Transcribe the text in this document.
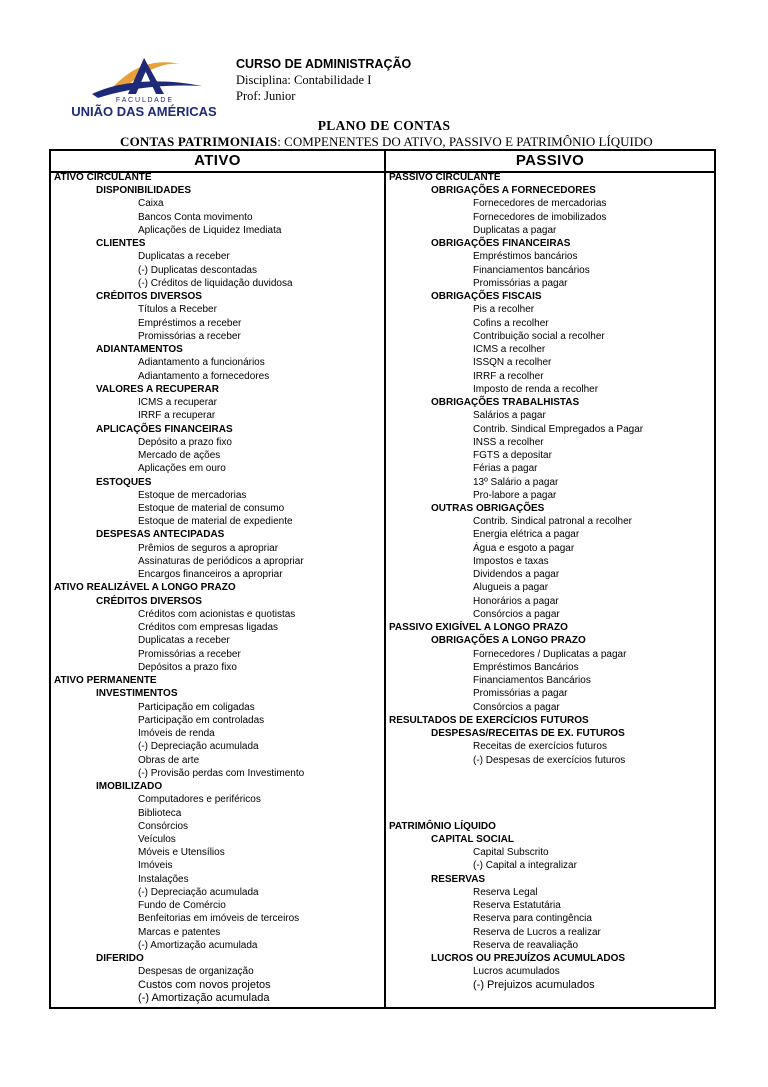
F A C U L D A D E
UNIÃO DAS AMÉRICAS
CURSO DE ADMINISTRAÇÃO
Disciplina: Contabilidade I
Prof: Junior
PLANO DE CONTAS
CONTAS PATRIMONIAIS: COMPENENTES DO ATIVO, PASSIVO E PATRIMÔNIO LÍQUIDO
ATIVO	PASSIVO
ATIVO CIRCULANTE
DISPONIBILIDADES
Caixa
Bancos Conta movimento
Aplicações de Liquidez Imediata
CLIENTES
Duplicatas a receber
(-) Duplicatas descontadas
(-) Créditos de liquidação duvidosa
CRÉDITOS DIVERSOS
Títulos a Receber
Empréstimos a receber
Promissórias a receber
ADIANTAMENTOS
Adiantamento a funcionários
Adiantamento a fornecedores
VALORES A RECUPERAR
ICMS a recuperar
IRRF a recuperar
APLICAÇÕES FINANCEIRAS
Depósito a prazo fixo
Mercado de ações
Aplicações em ouro
ESTOQUES
Estoque de mercadorias
Estoque de material de consumo
Estoque de material de expediente
DESPESAS ANTECIPADAS
Prêmios de seguros a apropriar
Assinaturas de periódicos a apropriar
Encargos financeiros a apropriar
ATIVO REALIZÁVEL A LONGO PRAZO
CRÉDITOS DIVERSOS
Créditos com acionistas e quotistas
Créditos com empresas ligadas
Duplicatas a receber
Promissórias a receber
Depósitos a prazo fixo
ATIVO PERMANENTE
INVESTIMENTOS
Participação em coligadas
Participação em controladas
Imóveis de renda
(-) Depreciação acumulada
Obras de arte
(-) Provisão perdas com Investimento
IMOBILIZADO
Computadores e periféricos
Biblioteca
Consórcios
Veículos
Móveis e Utensílios
Imóveis
Instalações
(-) Depreciação acumulada
Fundo de Comércio
Benfeitorias em imóveis de terceiros
Marcas e patentes
(-) Amortização acumulada
DIFERIDO
Despesas de organização
Custos com novos projetos
(-) Amortização acumulada
PASSIVO CIRCULANTE
OBRIGAÇÕES A FORNECEDORES
Fornecedores de mercadorias
Fornecedores de imobilizados
Duplicatas a pagar
OBRIGAÇÕES FINANCEIRAS
Empréstimos bancários
Financiamentos bancários
Promissórias a pagar
OBRIGAÇÕES FISCAIS
Pis a recolher
Cofins a recolher
Contribuição social a recolher
ICMS a recolher
ISSQN a recolher
IRRF a recolher
Imposto de renda a recolher
OBRIGAÇÕES TRABALHISTAS
Salários a pagar
Contrib. Sindical Empregados a Pagar
INSS a recolher
FGTS a depositar
Férias a pagar
13º Salário a pagar
Pro-labore a pagar
OUTRAS OBRIGAÇÕES
Contrib. Sindical patronal a recolher
Energia elétrica a pagar
Água e esgoto a pagar
Impostos e taxas
Dividendos a pagar
Alugueis a pagar
Honorários a pagar
Consórcios a pagar
PASSIVO EXIGÍVEL A LONGO PRAZO
OBRIGAÇÕES A LONGO PRAZO
Fornecedores / Duplicatas a pagar
Empréstimos Bancários
Financiamentos Bancários
Promissórias a pagar
Consórcios a pagar
RESULTADOS DE EXERCÍCIOS FUTUROS
DESPESAS/RECEITAS DE EX. FUTUROS
Receitas de exercícios futuros
(-) Despesas de exercícios futuros
PATRIMÔNIO LÍQUIDO
CAPITAL SOCIAL
Capital Subscrito
(-) Capital a integralizar
RESERVAS
Reserva Legal
Reserva Estatutária
Reserva para contingência
Reserva de Lucros a realizar
Reserva de reavaliação
LUCROS OU PREJUÍZOS ACUMULADOS
Lucros acumulados
(-) Prejuizos acumulados
